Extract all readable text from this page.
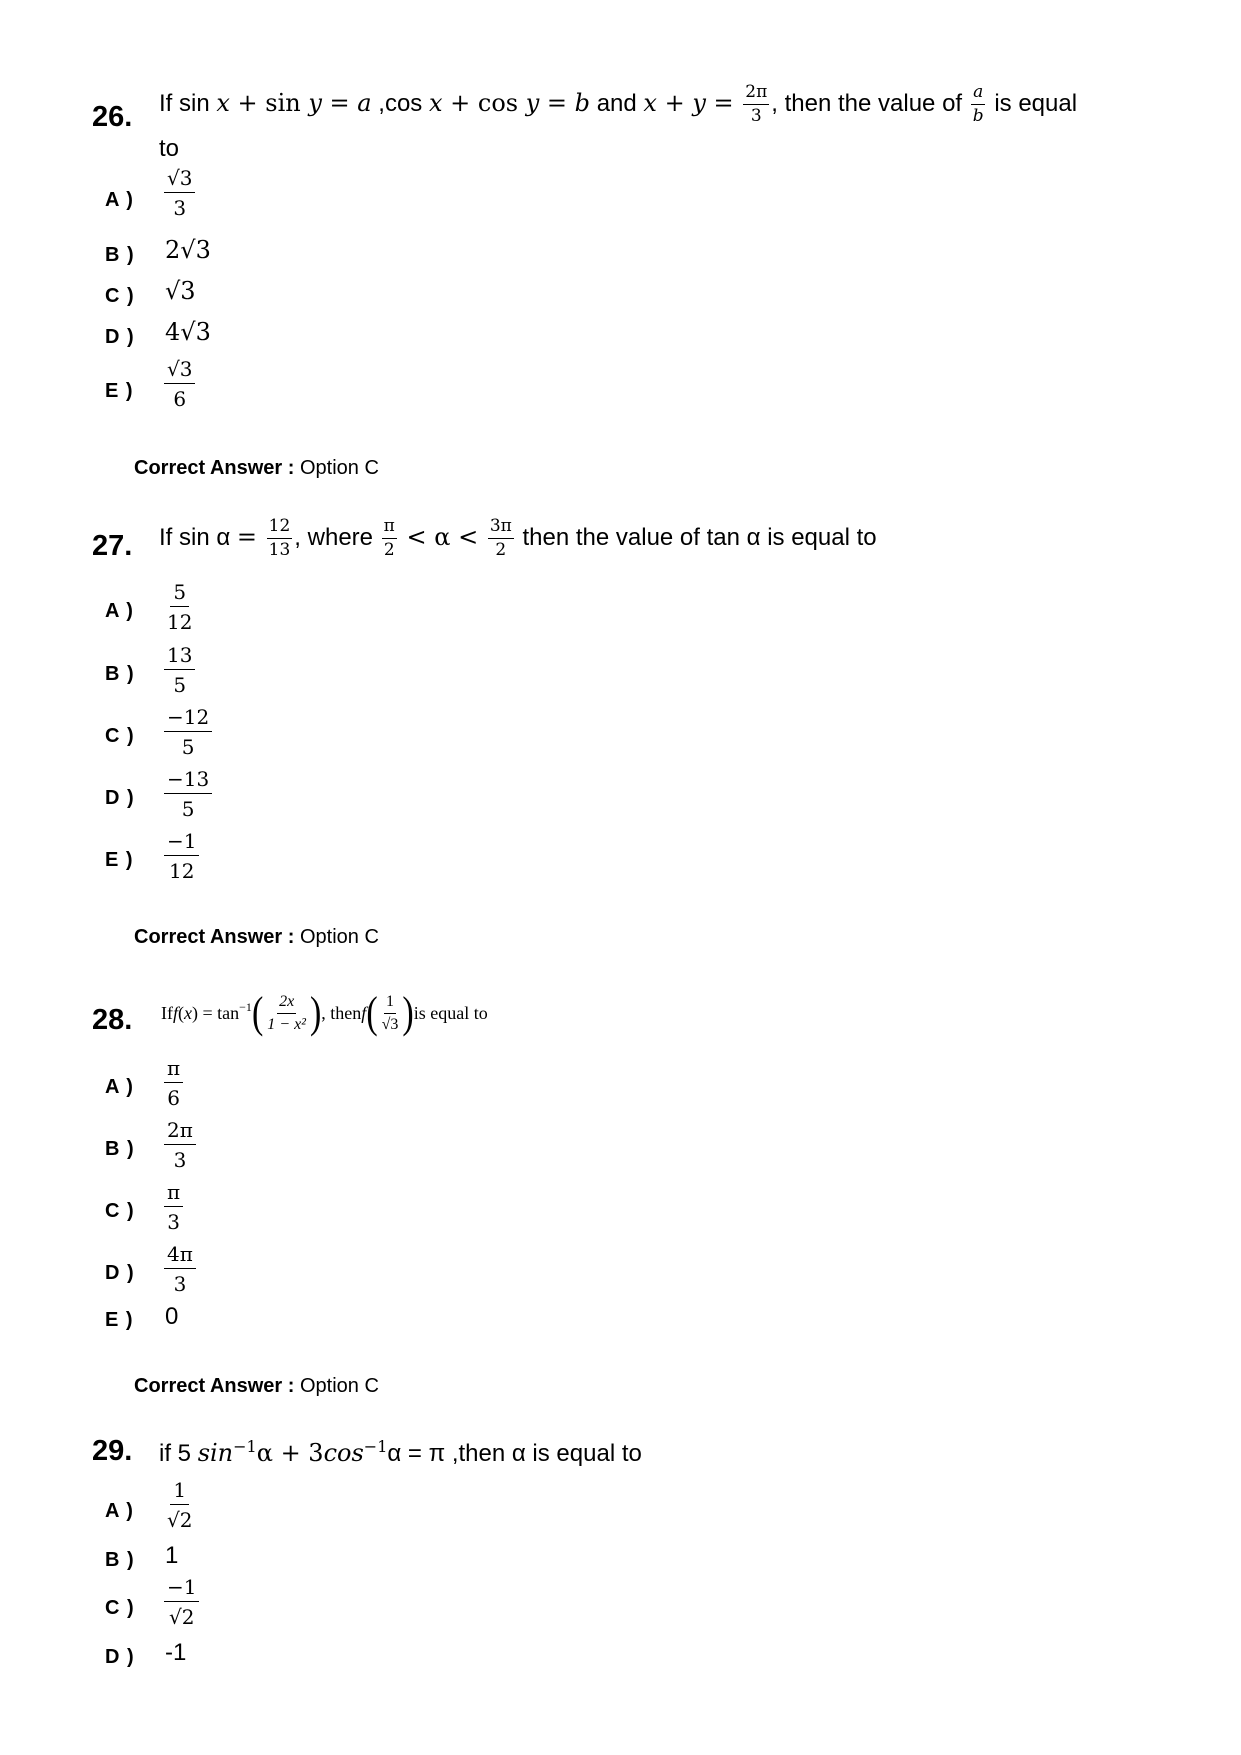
26. If sin x + sin y = a ,cos x + cos y = b and $x + y = \frac{2\pi}{3}$ , then the value of $\frac{a}{b}$ is equal
to
A ) $\frac{√3}{3}$
B ) 2√3
C ) √3
D ) 4√3
E ) $\frac{√3}{6}$
Correct Answer : Option C
27. If $\sin \alpha = \frac{12}{13}$ , where $\frac{\pi}{2} < \alpha < \frac{3\pi}{2}$ then the value of tan α is equal to
A ) $\frac{5}{12}$
B ) $\frac{13}{5}$
C ) $\frac{-12}{5}$
D ) $\frac{-13}{5}$
E ) $\frac{-1}{12}$
Correct Answer : Option C
28. If f ( x ) = $\tan^{-1}$ ( $\frac{2x}{\text{1 − x²}}$ ) , then f ( $\frac{1}{√3}$ ) is equal to
A ) $\frac{\pi}{6}$
B ) $\frac{2\pi}{3}$
C ) $\frac{\pi}{3}$
D ) $\frac{4\pi}{3}$
E ) 0
Correct Answer : Option C
29. if 5 $\sin^{-1}\alpha + 3\cos^{-1}\alpha = \pi$ ,then α is equal to
A ) $\frac{1}{√2}$
B ) 1
C ) $\frac{-1}{√2}$
D ) -1
